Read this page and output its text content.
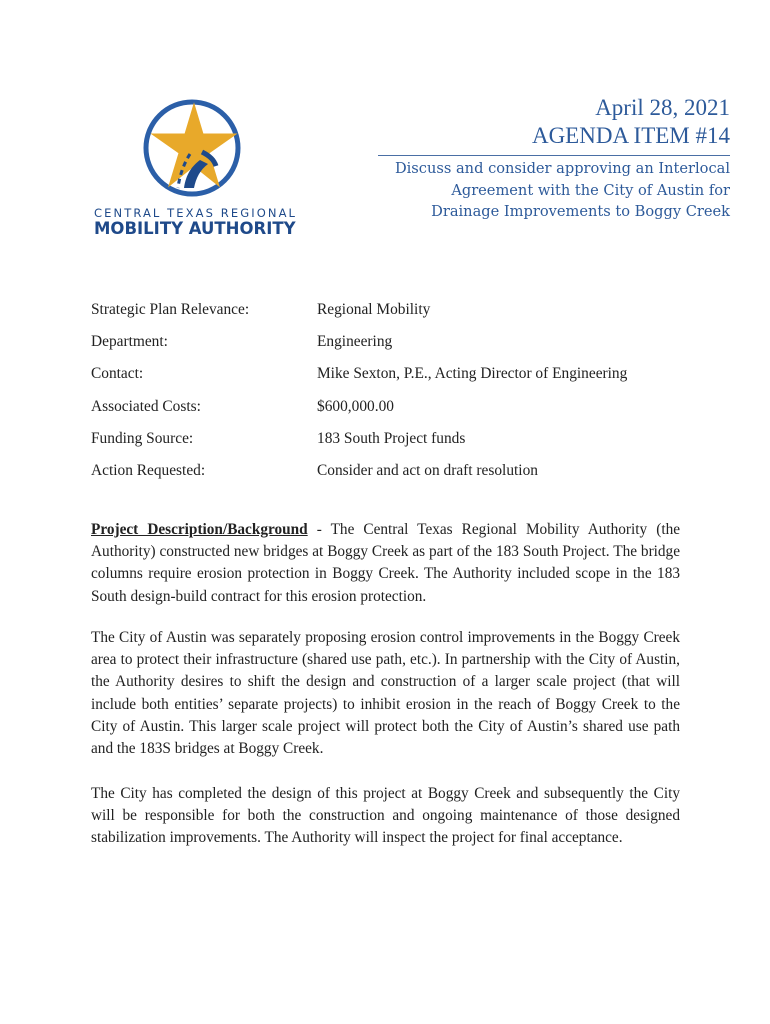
CENTRAL TEXAS REGIONAL
MOBILITY AUTHORITY
April 28, 2021
AGENDA ITEM #14
Discuss and consider approving an Interlocal
Agreement with the City of Austin for
Drainage Improvements to Boggy Creek
Strategic Plan Relevance:	Regional Mobility
Department:	Engineering
Contact:	Mike Sexton, P.E., Acting Director of Engineering
Associated Costs:	$600,000.00
Funding Source:	183 South Project funds
Action Requested:	Consider and act on draft resolution
Project Description/Background - The Central Texas Regional Mobility Authority (the Authority) constructed new bridges at Boggy Creek as part of the 183 South Project. The bridge columns require erosion protection in Boggy Creek. The Authority included scope in the 183 South design-build contract for this erosion protection.
The City of Austin was separately proposing erosion control improvements in the Boggy Creek area to protect their infrastructure (shared use path, etc.). In partnership with the City of Austin, the Authority desires to shift the design and construction of a larger scale project (that will include both entities’ separate projects) to inhibit erosion in the reach of Boggy Creek to the City of Austin. This larger scale project will protect both the City of Austin’s shared use path and the 183S bridges at Boggy Creek.
The City has completed the design of this project at Boggy Creek and subsequently the City will be responsible for both the construction and ongoing maintenance of those designed stabilization improvements. The Authority will inspect the project for final acceptance.
